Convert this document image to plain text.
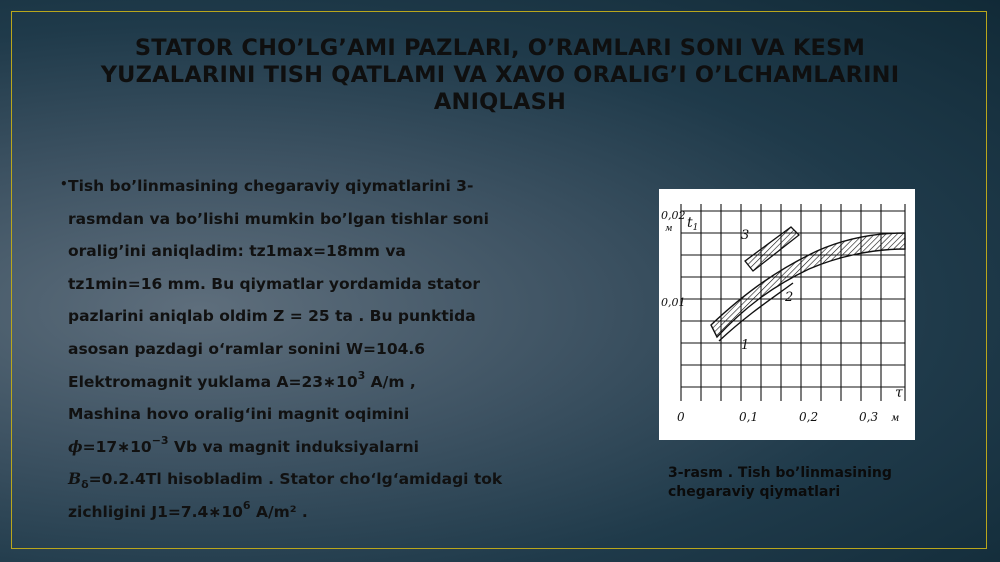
STATOR CHO’LG’AMI PAZLARI, O’RAMLARI SONI VA KESM YUZALARINI TISH QATLAMI VA XAVO ORALIG’I O’LCHAMLARINI ANIQLASH
• Tish bo’linmasining chegaraviy qiymatlarini 3-
rasmdan va bo’lishi mumkin bo’lgan tishlar soni
oralig’ini aniqladim: tz1max=18mm va
tz1min=16 mm. Bu qiymatlar yordamida stator
pazlarini aniqlab oldim Z = 25 ta . Bu punktida
asosan pazdagi o‘ramlar sonini W=104.6
Elektromagnit yuklama $A=23∗10^3$ A/m ,
Mashina hovo oralig‘ini magnit oqimini
$\phi=17∗10^{-3}$ Vb va magnit induksiyalarni
$B_\delta=0.2.4Tl$ hisobladim . Stator cho‘lg‘amidagi tok
zichligini $J1=7.4∗10^6$ A/m² .
0,02
м $t_1$
0,01
3
2
1
τ
0	0,1	0,2	0,3 м
3-rasm . Tish bo’linmasining chegaraviy qiymatlari
